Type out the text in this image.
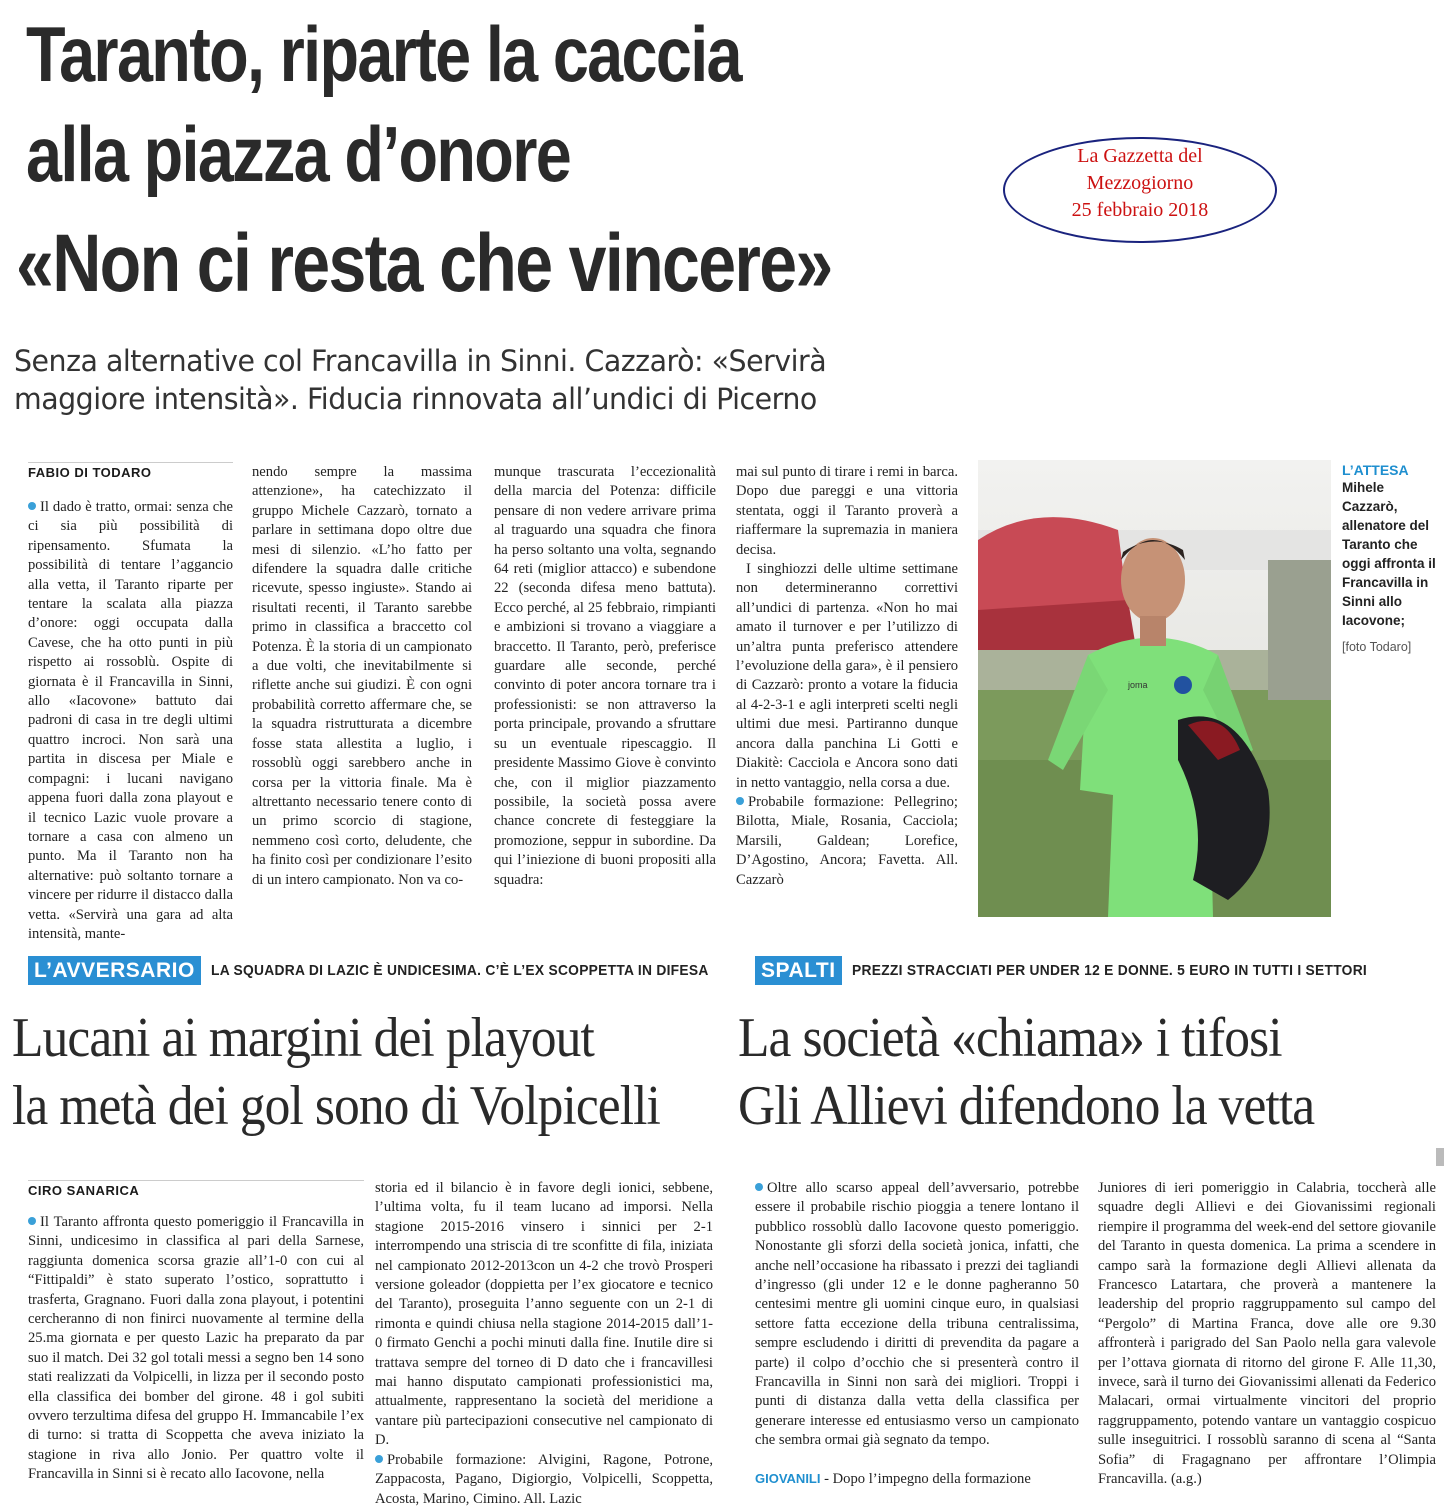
Taranto, riparte la caccia
alla piazza d’onore
«Non ci resta che vincere»
La Gazzetta del
Mezzogiorno
25 febbraio 2018
Senza alternative col Francavilla in Sinni. Cazzarò: «Servirà
maggiore intensità». Fiducia rinnovata all’undici di Picerno
FABIO DI TODARO

Il dado è tratto, ormai: senza che ci sia più possibilità di ripensamento. Sfumata la possibilità di tentare l’aggancio alla vetta, il Taranto riparte per tentare la scalata alla piazza d’onore: oggi occupata dalla Cavese, che ha otto punti in più rispetto ai rossoblù. Ospite di giornata è il Francavilla in Sinni, allo «Iacovone» battuto dai padroni di casa in tre degli ultimi quattro incroci. Non sarà una partita in discesa per Miale e compagni: i lucani navigano appena fuori dalla zona playout e il tecnico Lazic vuole provare a tornare a casa con almeno un punto. Ma il Taranto non ha alternative: può soltanto tornare a vincere per ridurre il distacco dalla vetta. «Servirà una gara ad alta intensità, mante-

nendo sempre la massima attenzione», ha catechizzato il gruppo Michele Cazzarò, tornato a parlare in settimana dopo oltre due mesi di silenzio. «L’ho fatto per difendere la squadra dalle critiche ricevute, spesso ingiuste». Stando ai risultati recenti, il Taranto sarebbe primo in classifica a braccetto col Potenza. È la storia di un campionato a due volti, che inevitabilmente si riflette anche sui giudizi. È con ogni probabilità corretto affermare che, se la squadra ristrutturata a dicembre fosse stata allestita a luglio, i rossoblù oggi sarebbero anche in corsa per la vittoria finale. Ma è altrettanto necessario tenere conto di un primo scorcio di stagione, nemmeno così corto, deludente, che ha finito così per condizionare l’esito di un intero campionato. Non va co-

munque trascurata l’eccezionalità della marcia del Potenza: difficile pensare di non vedere arrivare prima al traguardo una squadra che finora ha perso soltanto una volta, segnando 64 reti (miglior attacco) e subendone 22 (seconda difesa meno battuta). Ecco perché, al 25 febbraio, rimpianti e ambizioni si trovano a viaggiare a braccetto. Il Taranto, però, preferisce guardare alle seconde, perché convinto di poter ancora tornare tra i professionisti: se non attraverso la porta principale, provando a sfruttare su un eventuale ripescaggio. Il presidente Massimo Giove è convinto che, con il miglior piazzamento possibile, la società possa avere chance concrete di festeggiare la promozione, seppur in subordine. Da qui l’iniezione di buoni propositi alla squadra:

mai sul punto di tirare i remi in barca. Dopo due pareggi e una vittoria stentata, oggi il Taranto proverà a riaffermare la supremazia in maniera decisa.

I singhiozzi delle ultime settimane non determineranno correttivi all’undici di partenza. «Non ho mai amato il turnover e per l’utilizzo di un’altra punta preferisco attendere l’evoluzione della gara», è il pensiero di Cazzarò: pronto a votare la fiducia al 4-2-3-1 e agli interpreti scelti negli ultimi due mesi. Partiranno dunque ancora dalla panchina Li Gotti e Diakitè: Cacciola e Ancora sono dati in netto vantaggio, nella corsa a due.

Probabile formazione: Pellegrino; Bilotta, Miale, Rosania, Cacciola; Marsili, Galdean; Lorefice, D’Agostino, Ancora; Favetta. All. Cazzarò

joma
L’ATTESA
Mihele Cazzarò, allenatore del Taranto che oggi affronta il Francavilla in Sinni allo Iacovone;
[foto Todaro]
L’AVVERSARIO	LA SQUADRA DI LAZIC È UNDICESIMA. C’È L’EX SCOPPETTA IN DIFESA
Lucani ai margini dei playout
la metà dei gol sono di Volpicelli
CIRO SANARICA

Il Taranto affronta questo pomeriggio il Francavilla in Sinni, undicesimo in classifica al pari della Sarnese, raggiunta domenica scorsa grazie all’1-0 con cui al “Fittipaldi” è stato superato l’ostico, soprattutto i trasferta, Gragnano. Fuori dalla zona playout, i potentini cercheranno di non finirci nuovamente al termine della 25.ma giornata e per questo Lazic ha preparato da par suo il match. Dei 32 gol totali messi a segno ben 14 sono stati realizzati da Volpicelli, in lizza per il secondo posto ella classifica dei bomber del girone. 48 i gol subiti ovvero terzultima difesa del gruppo H. Immancabile l’ex di turno: si tratta di Scoppetta che aveva iniziato la stagione in riva allo Jonio. Per quattro volte il Francavilla in Sinni si è recato allo Iacovone, nella

storia ed il bilancio è in favore degli ionici, sebbene, l’ultima volta, fu il team lucano ad imporsi. Nella stagione 2015-2016 vinsero i sinnici per 2-1 interrompendo una striscia di tre sconfitte di fila, iniziata nel campionato 2012-2013con un 4-2 che trovò Prosperi versione goleador (doppietta per l’ex giocatore e tecnico del Taranto), proseguita l’anno seguente con un 2-1 di rimonta e quindi chiusa nella stagione 2014-2015 dall’1-0 firmato Genchi a pochi minuti dalla fine. Inutile dire si trattava sempre del torneo di D dato che i francavillesi mai hanno disputato campionati professionistici ma, attualmente, rappresentano la società del meridione a vantare più partecipazioni consecutive nel campionato di D.

Probabile formazione: Alvigini, Ragone, Potrone, Zappacosta, Pagano, Digiorgio, Volpicelli, Scoppetta, Acosta, Marino, Cimino. All. Lazic

SPALTI	PREZZI STRACCIATI PER UNDER 12 E DONNE. 5 EURO IN TUTTI I SETTORI
La società «chiama» i tifosi
Gli Allievi difendono la vetta

Oltre allo scarso appeal dell’avversario, potrebbe essere il probabile rischio pioggia a tenere lontano il pubblico rossoblù dallo Iacovone questo pomeriggio. Nonostante gli sforzi della società jonica, infatti, che anche nell’occasione ha ribassato i prezzi dei tagliandi d’ingresso (gli under 12 e le donne pagheranno 50 centesimi mentre gli uomini cinque euro, in qualsiasi settore fatta eccezione della tribuna centralissima, sempre escludendo i diritti di prevendita da pagare a parte) il colpo d’occhio che si presenterà contro il Francavilla in Sinni non sarà dei migliori. Troppi i punti di distanza dalla vetta della classifica per generare interesse ed entusiasmo verso un campionato che sembra ormai già segnato da tempo.

GIOVANILI - Dopo l’impegno della formazione

Juniores di ieri pomeriggio in Calabria, toccherà alle squadre degli Allievi e dei Giovanissimi regionali riempire il programma del week-end del settore giovanile del Taranto in questa domenica. La prima a scendere in campo sarà la formazione degli Allievi allenata da Francesco Latartara, che proverà a mantenere la leadership del proprio raggruppamento sul campo del “Pergolo” di Martina Franca, dove alle ore 9.30 affronterà i parigrado del San Paolo nella gara valevole per l’ottava giornata di ritorno del girone F. Alle 11,30, invece, sarà il turno dei Giovanissimi allenati da Federico Malacari, ormai virtualmente vincitori del proprio raggruppamento, potendo vantare un vantaggio cospicuo sulle inseguitrici. I rossoblù saranno di scena al “Santa Sofia” di Fragagnano per affrontare l’Olimpia Francavilla. (a.g.)
